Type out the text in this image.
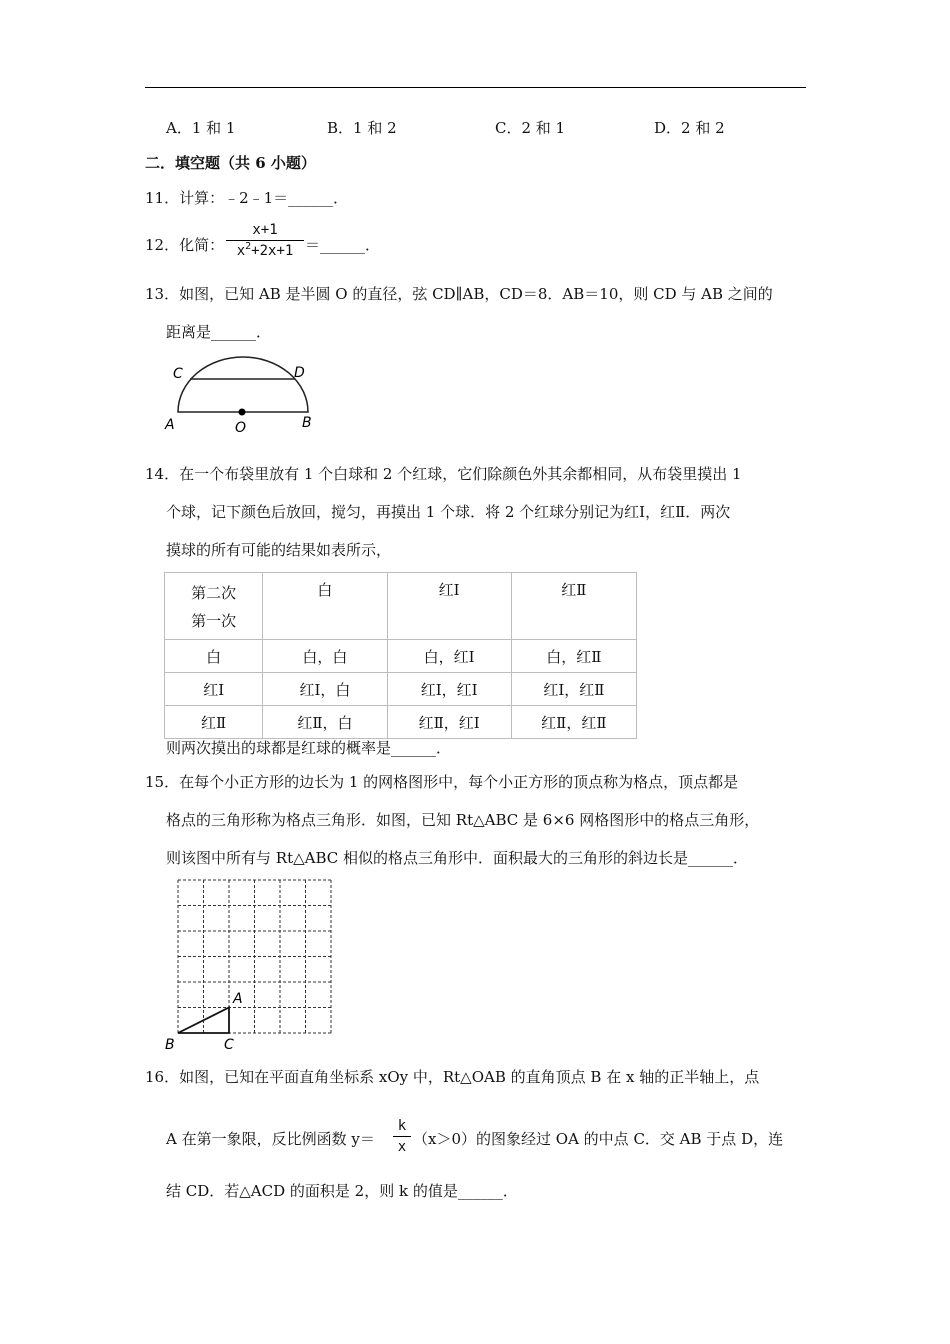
A．1 和 1	B．1 和 2	C．2 和 1	D．2 和 2
二．填空题（共 6 小题）
11．计算：﹣2﹣1＝______．
12．化简：
x+1
$x^2+2x+1$ ＝______．
13．如图，已知 AB 是半圆 O 的直径，弦 CD∥AB，CD＝8．AB＝10，则 CD 与 AB 之间的
距离是______．
C	D
A	O	B
14．在一个布袋里放有 1 个白球和 2 个红球，它们除颜色外其余都相同，从布袋里摸出 1
个球，记下颜色后放回，搅匀，再摸出 1 个球．将 2 个红球分别记为红Ⅰ，红Ⅱ．两次
摸球的所有可能的结果如表所示，
第二次
第一次	白	红Ⅰ	红Ⅱ
白	白，白	白，红Ⅰ	白，红Ⅱ
红Ⅰ	红Ⅰ，白	红Ⅰ，红Ⅰ	红Ⅰ，红Ⅱ
红Ⅱ	红Ⅱ，白	红Ⅱ，红Ⅰ	红Ⅱ，红Ⅱ
则两次摸出的球都是红球的概率是______．
15．在每个小正方形的边长为 1 的网格图形中，每个小正方形的顶点称为格点，顶点都是
格点的三角形称为格点三角形．如图，已知 Rt△ABC 是 6×6 网格图形中的格点三角形，
则该图中所有与 Rt△ABC 相似的格点三角形中．面积最大的三角形的斜边长是______．
A
B	C
16．如图，已知在平面直角坐标系 xOy 中，Rt△OAB 的直角顶点 B 在 x 轴的正半轴上，点
A 在第一象限，反比例函数 y＝
k
x （x＞0）的图象经过 OA 的中点 C．交 AB 于点 D，连
结 CD．若△ACD 的面积是 2，则 k 的值是______．
